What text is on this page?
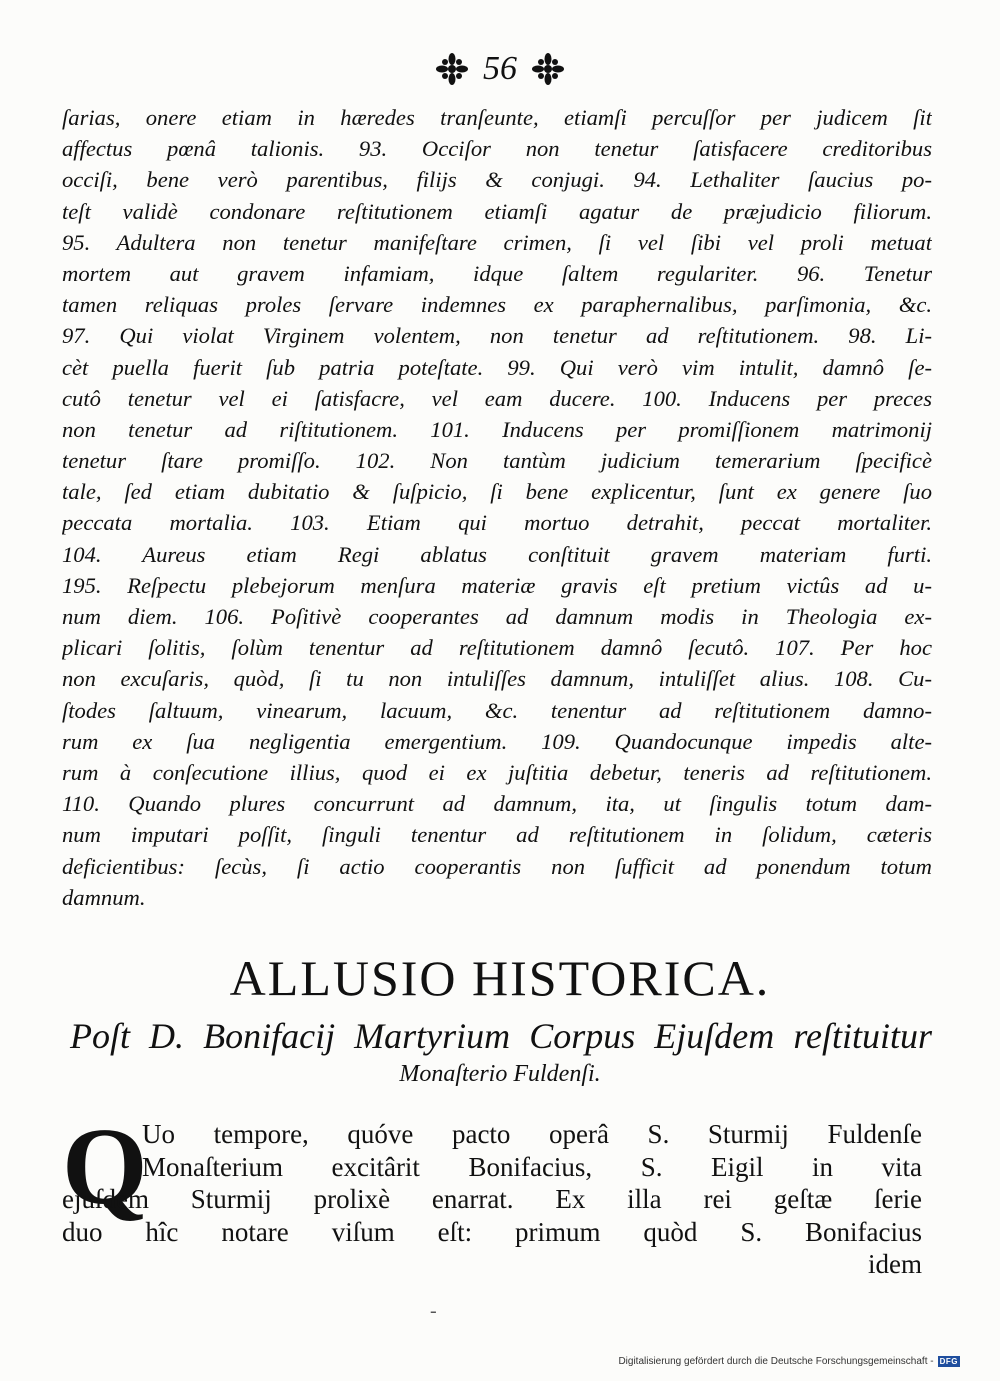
56
ſarias, onere etiam in hæredes tranſeunte, etiamſi percuſſor per judicem ſit
affectus pœnâ talionis. 93. Occiſor non tenetur ſatisfacere creditoribus
occiſi, bene verò parentibus, filijs & conjugi. 94. Lethaliter ſaucius po-
teſt validè condonare reſtitutionem etiamſi agatur de præjudicio filiorum.
95. Adultera non tenetur manifeſtare crimen, ſi vel ſibi vel proli metuat
mortem aut gravem infamiam, idque ſaltem regulariter. 96. Tenetur
tamen reliquas proles ſervare indemnes ex paraphernalibus, parſimonia, &c.
97. Qui violat Virginem volentem, non tenetur ad reſtitutionem. 98. Li-
cèt puella fuerit ſub patria poteſtate. 99. Qui verò vim intulit, damnô ſe-
cutô tenetur vel ei ſatisfacre, vel eam ducere. 100. Inducens per preces
non tenetur ad riſtitutionem. 101. Inducens per promiſſionem matrimonij
tenetur ſtare promiſſo. 102. Non tantùm judicium temerarium ſpecificè
tale, ſed etiam dubitatio & ſuſpicio, ſi bene explicentur, ſunt ex genere ſuo
peccata mortalia. 103. Etiam qui mortuo detrahit, peccat mortaliter.
104. Aureus etiam Regi ablatus conſtituit gravem materiam furti.
195. Reſpectu plebejorum menſura materiæ gravis eſt pretium victûs ad u-
num diem. 106. Poſitivè cooperantes ad damnum modis in Theologia ex-
plicari ſolitis, ſolùm tenentur ad reſtitutionem damnô ſecutô. 107. Per hoc
non excuſaris, quòd, ſi tu non intuliſſes damnum, intuliſſet alius. 108. Cu-
ſtodes ſaltuum, vinearum, lacuum, &c. tenentur ad reſtitutionem damno-
rum ex ſua negligentia emergentium. 109. Quandocunque impedis alte-
rum à conſecutione illius, quod ei ex juſtitia debetur, teneris ad reſtitutionem.
110. Quando plures concurrunt ad damnum, ita, ut ſingulis totum dam-
num imputari poſſit, ſinguli tenentur ad reſtitutionem in ſolidum, cæteris
deficientibus: ſecùs, ſi actio cooperantis non ſufficit ad ponendum totum
damnum.
ALLUSIO HISTORICA.
Poſt D. Bonifacij Martyrium Corpus Ejuſdem reſtituitur
Monaſterio Fuldenſi.
Q
Uo tempore, quóve pacto operâ S. Sturmij Fuldenſe
Monaſterium excitârit Bonifacius, S. Eigil in vita
ejuſdem Sturmij prolixè enarrat. Ex illa rei geſtæ ſerie
duo hîc notare viſum eſt: primum quòd S. Bonifacius
idem
-
Digitalisierung gefördert durch die Deutsche Forschungsgemeinschaft - DFG
